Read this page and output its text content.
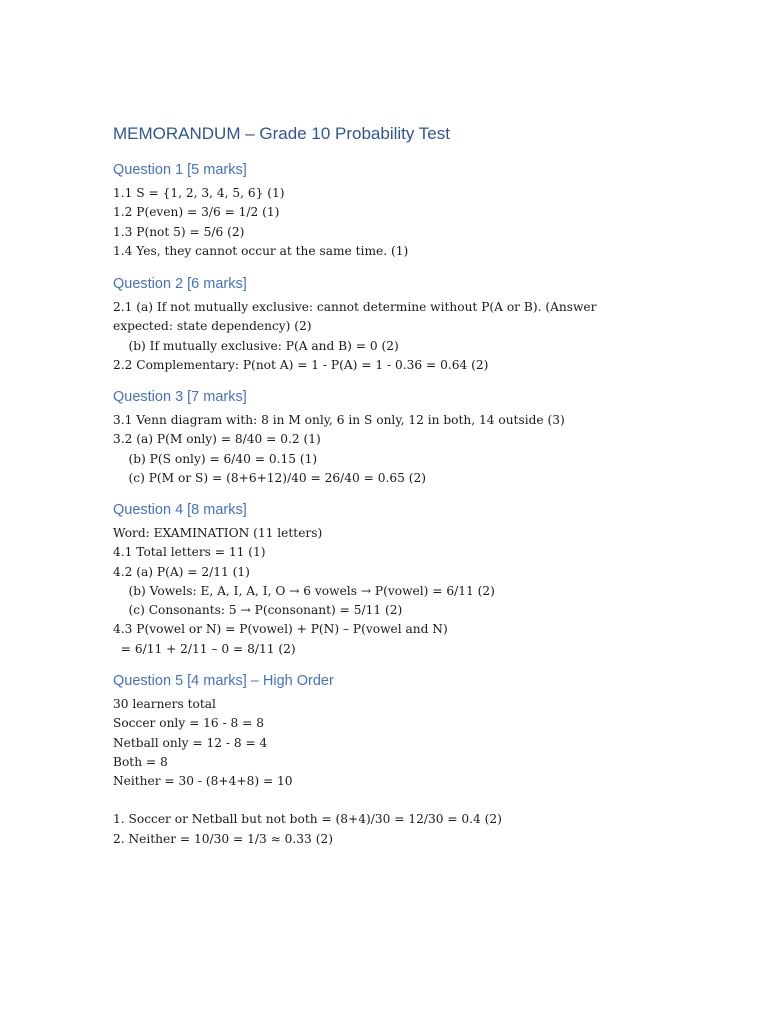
MEMORANDUM – Grade 10 Probability Test
Question 1 [5 marks]
1.1 S = {1, 2, 3, 4, 5, 6} (1)
1.2 P(even) = 3/6 = 1/2 (1)
1.3 P(not 5) = 5/6 (2)
1.4 Yes, they cannot occur at the same time. (1)
Question 2 [6 marks]
2.1 (a) If not mutually exclusive: cannot determine without P(A or B). (Answer expected: state dependency) (2)
(b) If mutually exclusive: P(A and B) = 0 (2)
2.2 Complementary: P(not A) = 1 - P(A) = 1 - 0.36 = 0.64 (2)
Question 3 [7 marks]
3.1 Venn diagram with: 8 in M only, 6 in S only, 12 in both, 14 outside (3)
3.2 (a) P(M only) = 8/40 = 0.2 (1)
(b) P(S only) = 6/40 = 0.15 (1)
(c) P(M or S) = (8+6+12)/40 = 26/40 = 0.65 (2)
Question 4 [8 marks]
Word: EXAMINATION (11 letters)
4.1 Total letters = 11 (1)
4.2 (a) P(A) = 2/11 (1)
(b) Vowels: E, A, I, A, I, O → 6 vowels → P(vowel) = 6/11 (2)
(c) Consonants: 5 → P(consonant) = 5/11 (2)
4.3 P(vowel or N) = P(vowel) + P(N) – P(vowel and N)
= 6/11 + 2/11 – 0 = 8/11 (2)
Question 5 [4 marks] – High Order
30 learners total
Soccer only = 16 - 8 = 8
Netball only = 12 - 8 = 4
Both = 8
Neither = 30 - (8+4+8) = 10
1. Soccer or Netball but not both = (8+4)/30 = 12/30 = 0.4 (2)
2. Neither = 10/30 = 1/3 ≈ 0.33 (2)
